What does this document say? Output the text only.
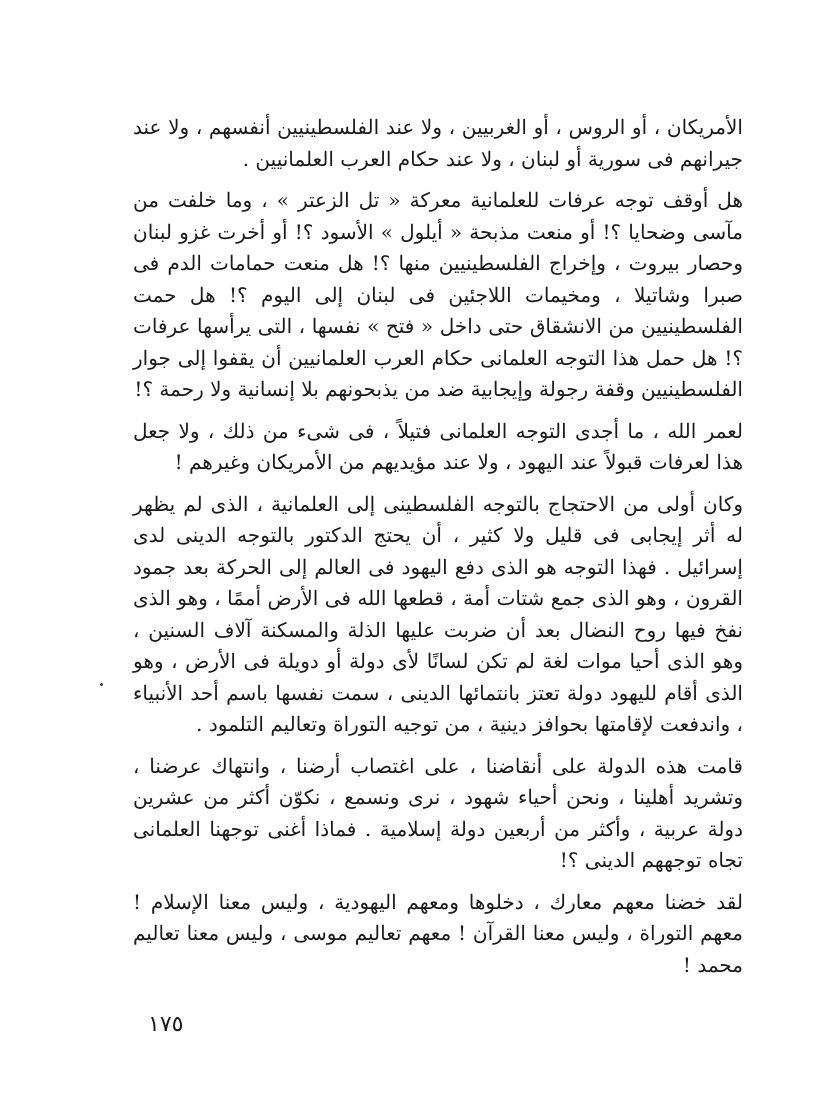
الأمريكان ، أو الروس ، أو الغربيين ، ولا عند الفلسطينيين أنفسهم ، ولا عند جيرانهم فى سورية أو لبنان ، ولا عند حكام العرب العلمانيين .

هل أوقف توجه عرفات للعلمانية معركة « تل الزعتر » ، وما خلفت من مآسى وضحايا ؟! أو منعت مذبحة « أيلول » الأسود ؟! أو أخرت غزو لبنان وحصار بيروت ، وإخراج الفلسطينيين منها ؟! هل منعت حمامات الدم فى صبرا وشاتيلا ، ومخيمات اللاجئين فى لبنان إلى اليوم ؟! هل حمت الفلسطينيين من الانشقاق حتى داخل « فتح » نفسها ، التى يرأسها عرفات ؟! هل حمل هذا التوجه العلمانى حكام العرب العلمانيين أن يقفوا إلى جوار الفلسطينيين وقفة رجولة وإيجابية ضد من يذبحونهم بلا إنسانية ولا رحمة ؟!

لعمر الله ، ما أجدى التوجه العلمانى فتيلاً ، فى شىء من ذلك ، ولا جعل هذا لعرفات قبولاً عند اليهود ، ولا عند مؤيديهم من الأمريكان وغيرهم !

وكان أولى من الاحتجاج بالتوجه الفلسطينى إلى العلمانية ، الذى لم يظهر له أثر إيجابى فى قليل ولا كثير ، أن يحتج الدكتور بالتوجه الدينى لدى إسرائيل . فهذا التوجه هو الذى دفع اليهود فى العالم إلى الحركة بعد جمود القرون ، وهو الذى جمع شتات أمة ، قطعها الله فى الأرض أممًا ، وهو الذى نفخ فيها روح النضال بعد أن ضربت عليها الذلة والمسكنة آلاف السنين ، وهو الذى أحيا موات لغة لم تكن لسانًا لأى دولة أو دويلة فى الأرض ، وهو الذى أقام لليهود دولة تعتز بانتمائها الدينى ، سمت نفسها باسم أحد الأنبياء ، واندفعت لإقامتها بحوافز دينية ، من توجيه التوراة وتعاليم التلمود .

قامت هذه الدولة على أنقاضنا ، على اغتصاب أرضنا ، وانتهاك عرضنا ، وتشريد أهلينا ، ونحن أحياء شهود ، نرى ونسمع ، نكوّن أكثر من عشرين دولة عربية ، وأكثر من أربعين دولة إسلامية . فماذا أغنى توجهنا العلمانى تجاه توجههم الدينى ؟!

لقد خضنا معهم معارك ، دخلوها ومعهم اليهودية ، وليس معنا الإسلام ! معهم التوراة ، وليس معنا القرآن ! معهم تعاليم موسى ، وليس معنا تعاليم محمد !

١٧٥
